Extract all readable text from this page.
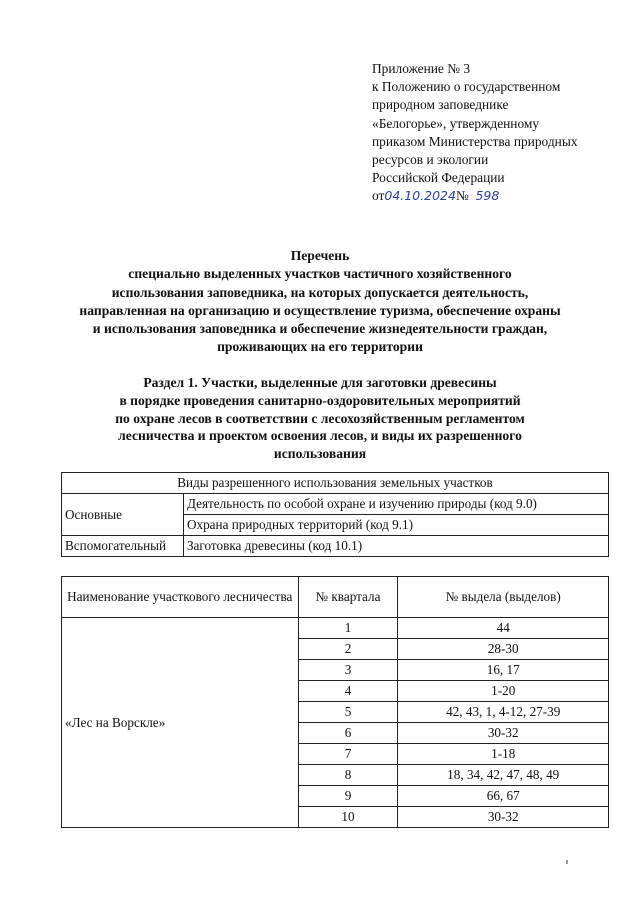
Приложение № 3
к Положению о государственном
природном заповеднике
«Белогорье», утвержденному
приказом Министерства природных
ресурсов и экологии
Российской Федерации
от04.10.2024№ 598
Перечень
специально выделенных участков частичного хозяйственного
использования заповедника, на которых допускается деятельность,
направленная на организацию и осуществление туризма, обеспечение охраны
и использования заповедника и обеспечение жизнедеятельности граждан,
проживающих на его территории
Раздел 1. Участки, выделенные для заготовки древесины
в порядке проведения санитарно-оздоровительных мероприятий
по охране лесов в соответствии с лесохозяйственным регламентом
лесничества и проектом освоения лесов, и виды их разрешенного
использования
Виды разрешенного использования земельных участков	
Основные	Деятельность по особой охране и изучению природы (код 9.0)
	Охрана природных территорий (код 9.1)
Вспомогательный	Заготовка древесины (код 10.1)
Наименование участкового лесничества	№ квартала	№ выдела (выделов)
«Лес на Ворскле»	1	44
	2	28-30
	3	16, 17
	4	1-20
	5	42, 43, 1, 4-12, 27-39
	6	30-32
	7	1-18
	8	18, 34, 42, 47, 48, 49
	9	66, 67
	10	30-32
